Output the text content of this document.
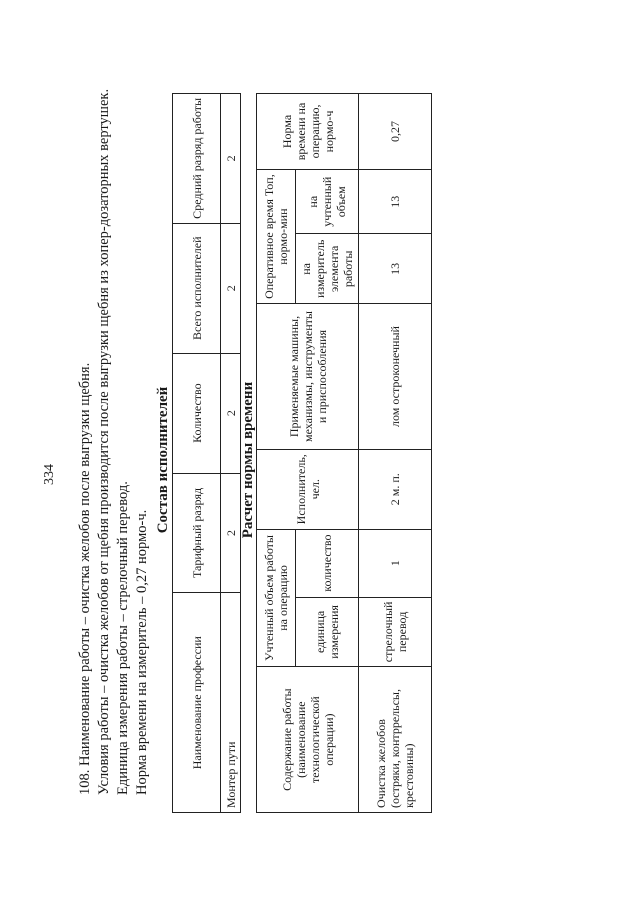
334 108. Наименование работы – очистка желобов после выгрузки щебня. Условия работы – очистка желобов от щебня производится после выгрузки щебня из хопер-дозаторных вертушек. Единица измерения работы – стрелочный перевод. Норма времени на измеритель – 0,27 нормо-ч.
Состав исполнителей
Наименование профессии	Тарифный разряд	Количество	Всего исполнителей	Средний разряд работы
Монтер пути	2	2	2	2
Расчет нормы времени
Содержание работы (наименование технологической операции)	Учтенный объем работы на операцию		Исполнитель, чел.	Применяемые машины, механизмы, инструменты и приспособления	Оперативное время Топ, нормо-мин		Норма времени на операцию, нормо-ч
	единица измерения	количество			на измеритель элемента работы	на учтенный объем	
Очистка желобов (остряки, контррельсы, крестовины)	стрелочный перевод	1	2 м. п.	лом остроконечный	13	13	0,27
